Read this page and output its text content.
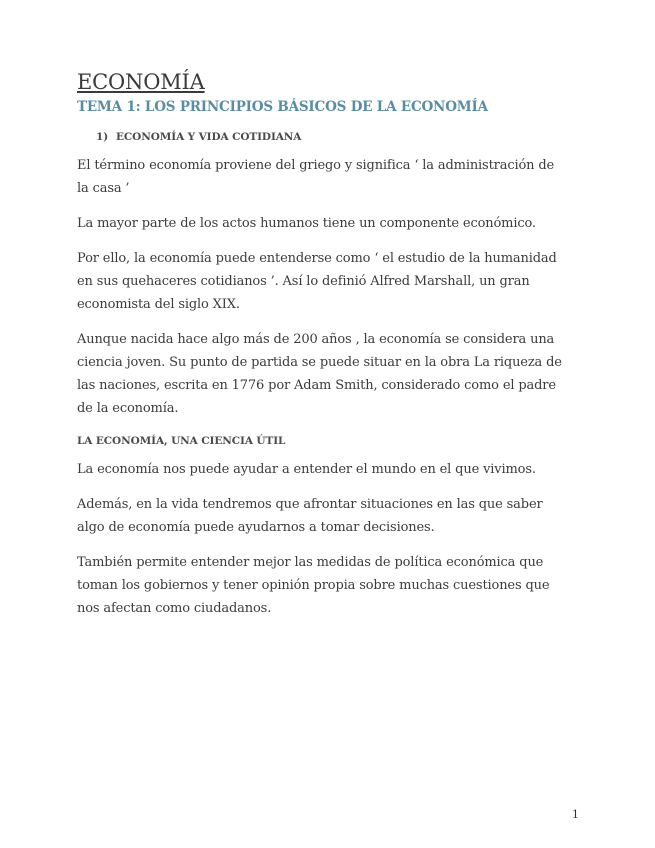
ECONOMÍA
TEMA 1: LOS PRINCIPIOS BÁSICOS DE LA ECONOMÍA
1) ECONOMÍA Y VIDA COTIDIANA

El término economía proviene del griego y significa ‘ la administración de la casa ’

La mayor parte de los actos humanos tiene un componente económico.

Por ello, la economía puede entenderse como ‘ el estudio de la humanidad en sus quehaceres cotidianos ’. Así lo definió Alfred Marshall, un gran economista del siglo XIX.

Aunque nacida hace algo más de 200 años , la economía se considera una ciencia joven. Su punto de partida se puede situar en la obra La riqueza de las naciones, escrita en 1776 por Adam Smith, considerado como el padre de la economía.

LA ECONOMÍA, UNA CIENCIA ÚTIL

La economía nos puede ayudar a entender el mundo en el que vivimos.

Además, en la vida tendremos que afrontar situaciones en las que saber algo de economía puede ayudarnos a tomar decisiones.

También permite entender mejor las medidas de política económica que toman los gobiernos y tener opinión propia sobre muchas cuestiones que nos afectan como ciudadanos.

1
